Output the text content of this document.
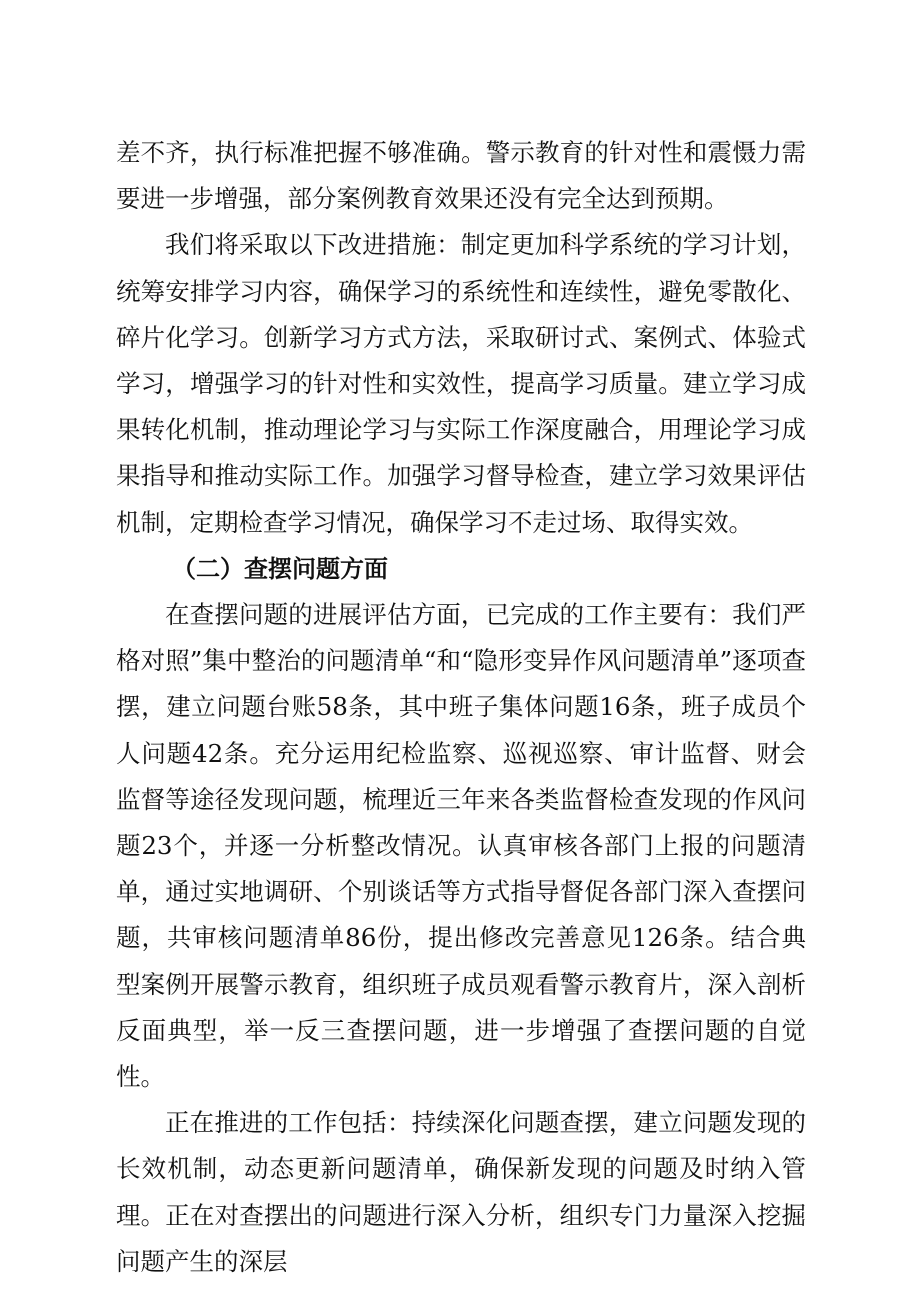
差不齐，执行标准把握不够准确。警示教育的针对性和震慑力需要进一步增强，部分案例教育效果还没有完全达到预期。

我们将采取以下改进措施：制定更加科学系统的学习计划，统筹安排学习内容，确保学习的系统性和连续性，避免零散化、碎片化学习。创新学习方式方法，采取研讨式、案例式、体验式学习，增强学习的针对性和实效性，提高学习质量。建立学习成果转化机制，推动理论学习与实际工作深度融合，用理论学习成果指导和推动实际工作。加强学习督导检查，建立学习效果评估机制，定期检查学习情况，确保学习不走过场、取得实效。

（二）查摆问题方面

在查摆问题的进展评估方面，已完成的工作主要有：我们严格对照”集中整治的问题清单“和“隐形变异作风问题清单”逐项查摆，建立问题台账58条，其中班子集体问题16条，班子成员个人问题42条。充分运用纪检监察、巡视巡察、审计监督、财会监督等途径发现问题，梳理近三年来各类监督检查发现的作风问题23个，并逐一分析整改情况。认真审核各部门上报的问题清单，通过实地调研、个别谈话等方式指导督促各部门深入查摆问题，共审核问题清单86份，提出修改完善意见126条。结合典型案例开展警示教育，组织班子成员观看警示教育片，深入剖析反面典型，举一反三查摆问题，进一步增强了查摆问题的自觉性。

正在推进的工作包括：持续深化问题查摆，建立问题发现的长效机制，动态更新问题清单，确保新发现的问题及时纳入管理。正在对查摆出的问题进行深入分析，组织专门力量深入挖掘问题产生的深层
